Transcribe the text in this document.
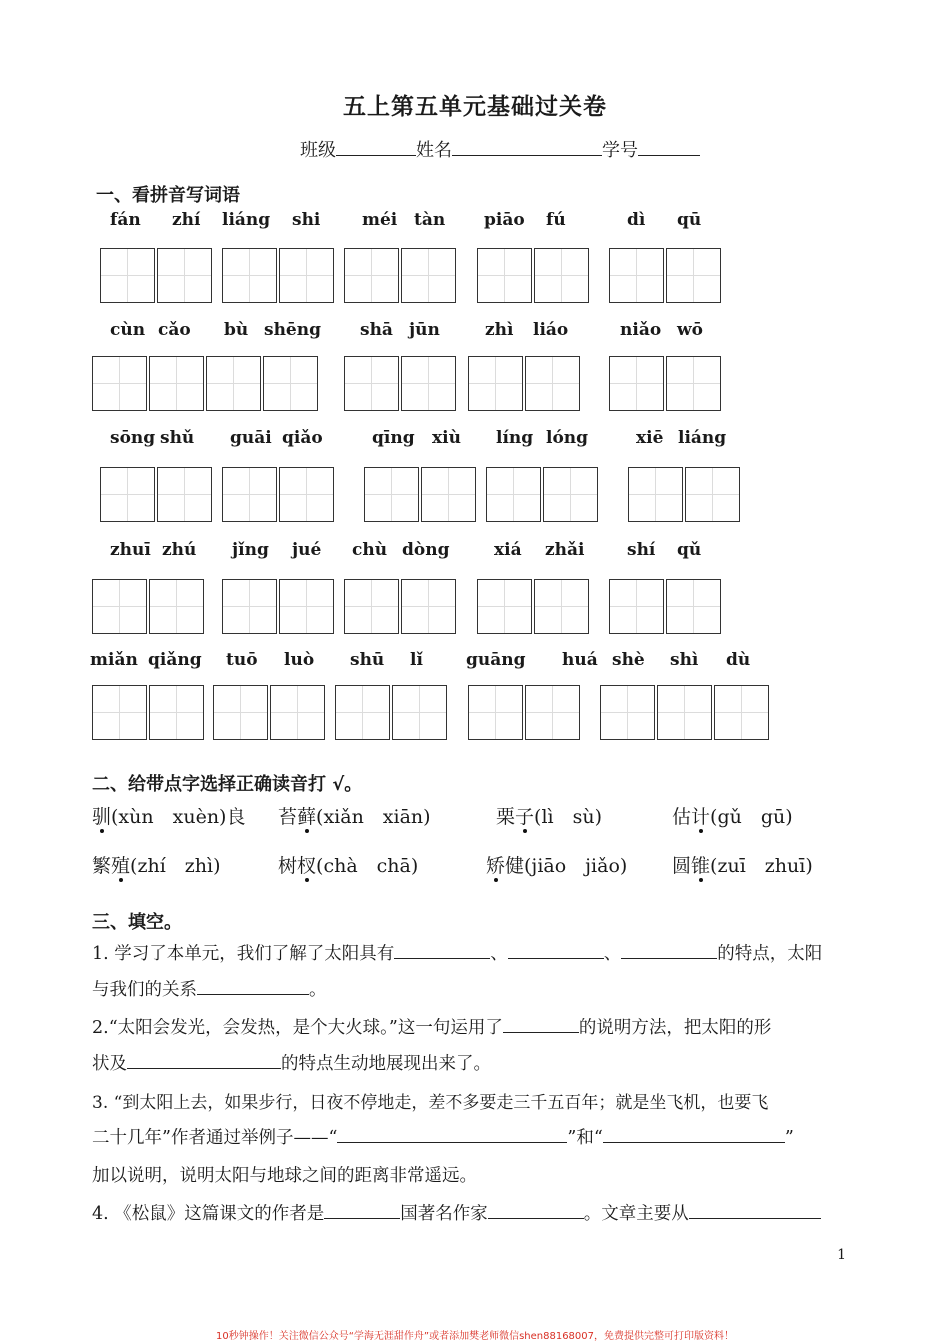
五上第五单元基础过关卷
班级	姓名	学号
一、看拼音写词语
fán zhí liáng shi méi tàn piāo fú	dì qū
cùn cǎo bù shēng shā jūn	zhì liáo	niǎo wō
sōng shǔ guāi qiǎo	qīng xiù líng lóng	xiē liáng
zhuī zhú jǐng jué chù dòng	xiá zhǎi	shí qǔ
miǎn qiǎng tuō luò shū lǐ	guāng huá shè shì dù
二、给带点字选择正确读音打 √。
驯(xùn　xuèn)良 苔藓(xiǎn　xiān)	栗子(lì　sù)	估计(gǔ　gū)
繁殖(zhí　zhì)	树杈(chà　chā)	矫健(jiāo　jiǎo) 圆锥(zuī　zhuī)
三、填空。
1. 学习了本单元，我们了解了太阳具有	、	、	的特点，太阳
与我们的关系	。
2.“太阳会发光，会发热，是个大火球。”这一句运用了	的说明方法，把太阳的形
状及	的特点生动地展现出来了。
3. “到太阳上去，如果步行，日夜不停地走，差不多要走三千五百年；就是坐飞机，也要飞
二十几年”作者通过举例子——“	”和“	”
加以说明，说明太阳与地球之间的距离非常遥远。
4. 《松鼠》这篇课文的作者是	国著名作家	。文章主要从
1
10秒钟操作！关注微信公众号“学海无涯甜作舟”或者添加樊老师微信shen88168007，免费提供完整可打印版资料！
